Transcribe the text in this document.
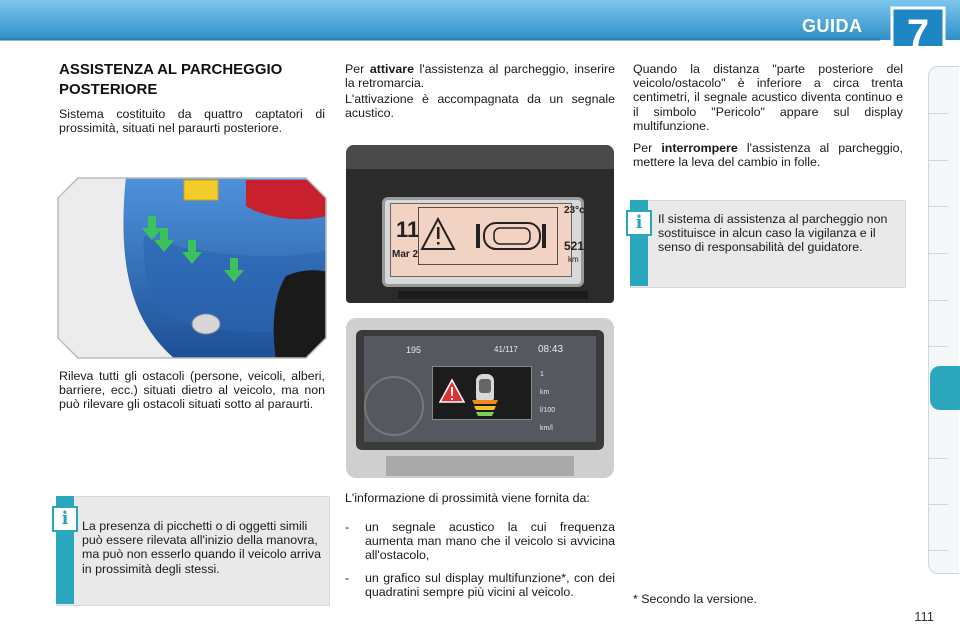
GUIDA 7
ASSISTENZA AL PARCHEGGIO POSTERIORE

Sistema costituito da quattro captatori di prossimità, situati nel paraurti posteriore.

Rileva tutti gli ostacoli (persone, veicoli, alberi, barriere, ecc.) situati dietro al veicolo, ma non può rilevare gli ostacoli situati sotto al paraurti.

i	La presenza di picchetti o di oggetti simili può essere rilevata all'inizio della manovra, ma può non esserlo quando il veicolo arriva in prossimità degli stessi.

Per attivare l'assistenza al parcheggio, inserire la retromarcia.

L'attivazione è accompagnata da un segnale acustico.

11
Mar 2
23°c
521
km
195	41/117 08:43
1
km
l/100
km/l

L'informazione di prossimità viene fornita da:

-	un segnale acustico la cui frequenza aumenta man mano che il veicolo si avvicina all'ostacolo,

-	un grafico sul display multifunzione*, con dei quadratini sempre più vicini al veicolo.

Quando la distanza "parte posteriore del veicolo/ostacolo" è inferiore a circa trenta centimetri, il segnale acustico diventa continuo e il simbolo "Pericolo" appare sul display multifunzione.

Per interrompere l'assistenza al parcheggio, mettere la leva del cambio in folle.

i	Il sistema di assistenza al parcheggio non sostituisce in alcun caso la vigilanza e il senso di responsabilità del guidatore.

* Secondo la versione.
111
